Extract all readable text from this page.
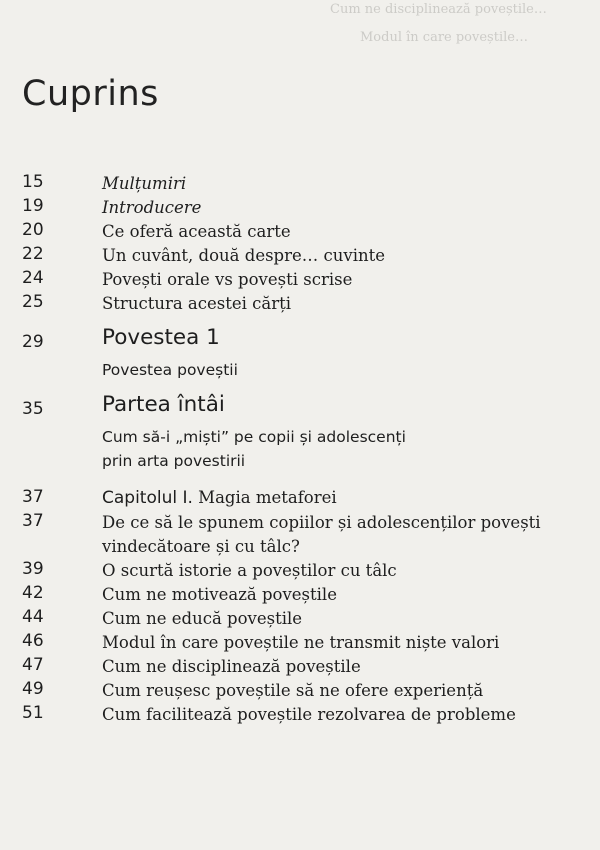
Cum ne disciplinează poveștile…
Modul în care poveștile…
Cuprins
15	Mulțumiri
19	Introducere
20	Ce oferă această carte
22	Un cuvânt, două despre… cuvinte
24	Povești orale vs povești scrise
25	Structura acestei cărți
29	Povestea 1
Povestea poveștii
35	Partea întâi
Cum să-i „miști” pe copii și adolescenți
prin arta povestirii
37	Capitolul I. Magia metaforei
37	De ce să le spunem copiilor și adolescenților povești
vindecătoare și cu tâlc?
39	O scurtă istorie a poveștilor cu tâlc
42	Cum ne motivează poveștile
44	Cum ne educă poveștile
46	Modul în care poveștile ne transmit niște valori
47	Cum ne disciplinează poveștile
49	Cum reușesc poveștile să ne ofere experiență
51	Cum facilitează poveștile rezolvarea de probleme
